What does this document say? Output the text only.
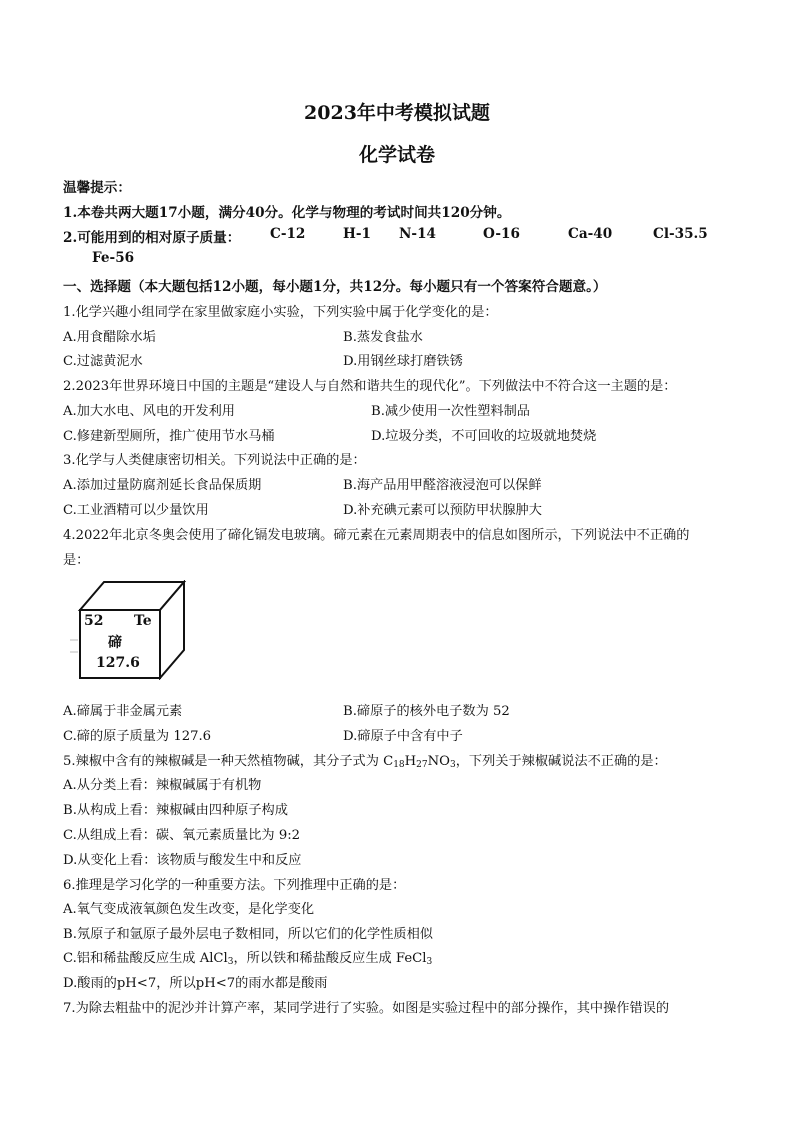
2023年中考模拟试题
化学试卷
温馨提示：
1.本卷共两大题17小题，满分40分。化学与物理的考试时间共120分钟。
2.可能用到的相对原子质量： C-12	H-1 N-14	O-16	Ca-40	Cl-35.5
Fe-56
一、选择题（本大题包括12小题，每小题1分，共12分。每小题只有一个答案符合题意。）
1.化学兴趣小组同学在家里做家庭小实验，下列实验中属于化学变化的是：
A.用食醋除水垢	B.蒸发食盐水
C.过滤黄泥水	D.用钢丝球打磨铁锈
2.2023年世界环境日中国的主题是“建设人与自然和谐共生的现代化”。下列做法中不符合这一主题的是：
A.加大水电、风电的开发利用	B.减少使用一次性塑料制品
C.修建新型厕所，推广使用节水马桶	D.垃圾分类，不可回收的垃圾就地焚烧
3.化学与人类健康密切相关。下列说法中正确的是：
A.添加过量防腐剂延长食品保质期	B.海产品用甲醛溶液浸泡可以保鲜
C.工业酒精可以少量饮用	D.补充碘元素可以预防甲状腺肿大
4.2022年北京冬奥会使用了碲化镉发电玻璃。碲元素在元素周期表中的信息如图所示，下列说法中不正确的
是：
52 Te
碲
127.6
A.碲属于非金属元素	B.碲原子的核外电子数为 52
C.碲的原子质量为 127.6	D.碲原子中含有中子
5.辣椒中含有的辣椒碱是一种天然植物碱，其分子式为 $C_{18}H_{27}NO_3$，下列关于辣椒碱说法不正确的是：
A.从分类上看：辣椒碱属于有机物
B.从构成上看：辣椒碱由四种原子构成
C.从组成上看：碳、氧元素质量比为 9:2
D.从变化上看：该物质与酸发生中和反应
6.推理是学习化学的一种重要方法。下列推理中正确的是：
A.氧气变成液氧颜色发生改变，是化学变化
B.氖原子和氩原子最外层电子数相同，所以它们的化学性质相似
C.铝和稀盐酸反应生成 AlCl$_3$，所以铁和稀盐酸反应生成 FeCl$_3$
D.酸雨的pH<7，所以pH<7的雨水都是酸雨
7.为除去粗盐中的泥沙并计算产率，某同学进行了实验。如图是实验过程中的部分操作，其中操作错误的
